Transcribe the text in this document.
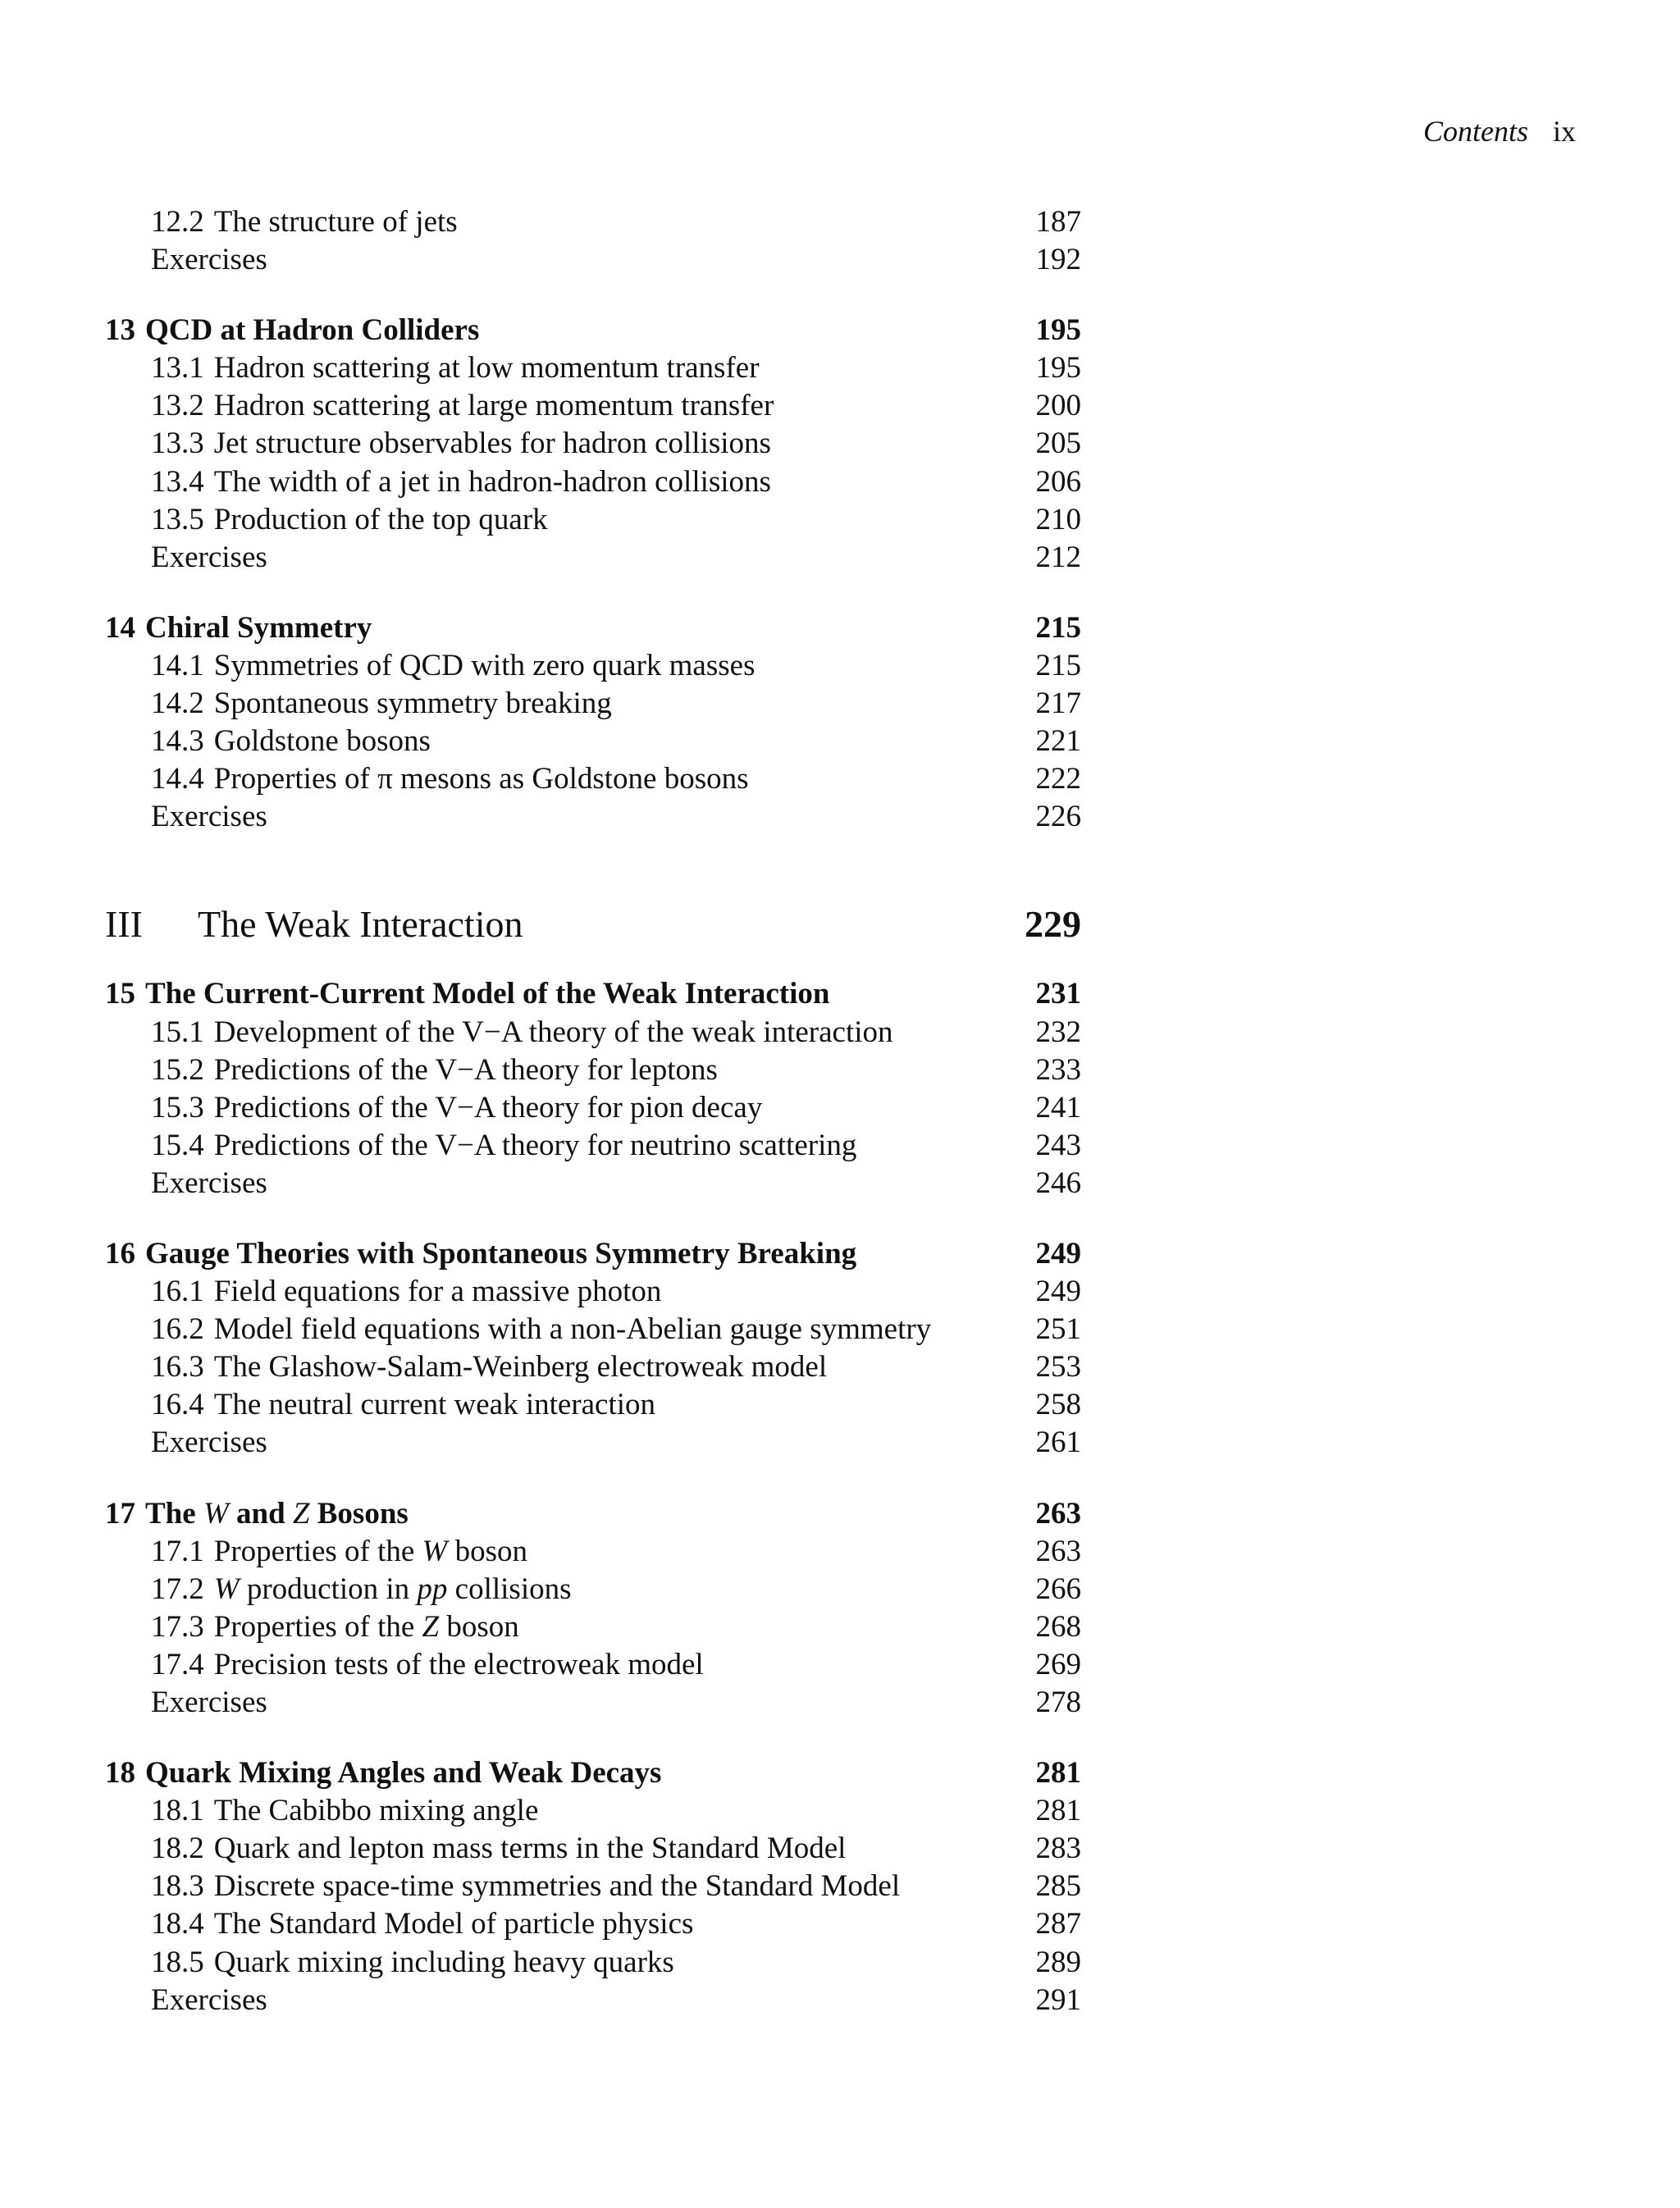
Contents ix
12.2 The structure of jets	187
Exercises	192
13 QCD at Hadron Colliders	195
13.1 Hadron scattering at low momentum transfer	195
13.2 Hadron scattering at large momentum transfer	200
13.3 Jet structure observables for hadron collisions	205
13.4 The width of a jet in hadron-hadron collisions	206
13.5 Production of the top quark	210
Exercises	212
14 Chiral Symmetry	215
14.1 Symmetries of QCD with zero quark masses	215
14.2 Spontaneous symmetry breaking	217
14.3 Goldstone bosons	221
14.4 Properties of π mesons as Goldstone bosons	222
Exercises	226
III The Weak Interaction	229
15 The Current-Current Model of the Weak Interaction	231
15.1 Development of the V−A theory of the weak interaction	232
15.2 Predictions of the V−A theory for leptons	233
15.3 Predictions of the V−A theory for pion decay	241
15.4 Predictions of the V−A theory for neutrino scattering	243
Exercises	246
16 Gauge Theories with Spontaneous Symmetry Breaking	249
16.1 Field equations for a massive photon	249
16.2 Model field equations with a non-Abelian gauge symmetry	251
16.3 The Glashow-Salam-Weinberg electroweak model	253
16.4 The neutral current weak interaction	258
Exercises	261
17 The W and Z Bosons	263
17.1 Properties of the W boson	263
17.2 W production in pp collisions	266
17.3 Properties of the Z boson	268
17.4 Precision tests of the electroweak model	269
Exercises	278
18 Quark Mixing Angles and Weak Decays	281
18.1 The Cabibbo mixing angle	281
18.2 Quark and lepton mass terms in the Standard Model	283
18.3 Discrete space-time symmetries and the Standard Model	285
18.4 The Standard Model of particle physics	287
18.5 Quark mixing including heavy quarks	289
Exercises	291
